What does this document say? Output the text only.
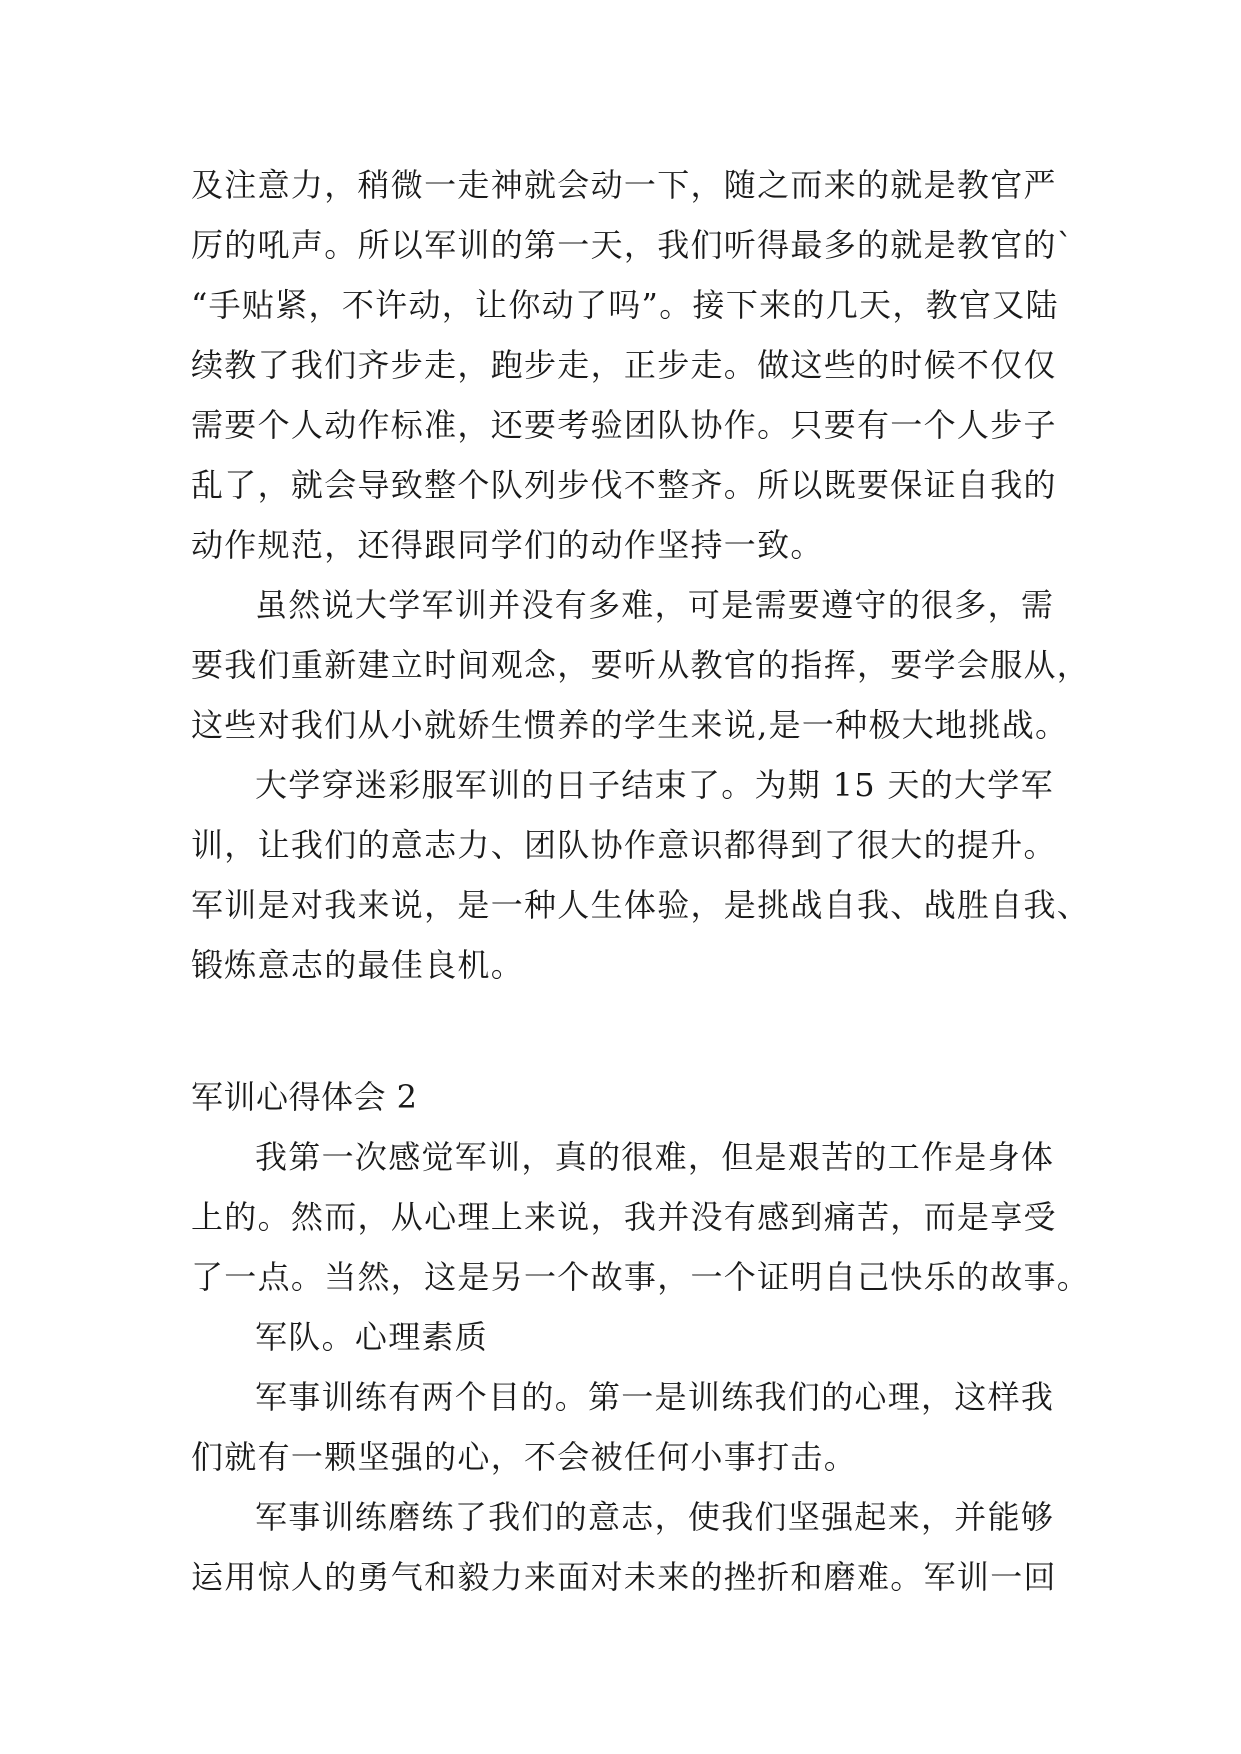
及注意力，稍微一走神就会动一下，随之而来的就是教官严
厉的吼声。所以军训的第一天，我们听得最多的就是教官的`
“手贴紧，不许动，让你动了吗”。接下来的几天，教官又陆
续教了我们齐步走，跑步走，正步走。做这些的时候不仅仅
需要个人动作标准，还要考验团队协作。只要有一个人步子
乱了，就会导致整个队列步伐不整齐。所以既要保证自我的
动作规范，还得跟同学们的动作坚持一致。
虽然说大学军训并没有多难，可是需要遵守的很多，需
要我们重新建立时间观念，要听从教官的指挥，要学会服从，
这些对我们从小就娇生惯养的学生来说,是一种极大地挑战。
大学穿迷彩服军训的日子结束了。为期 15 天的大学军
训，让我们的意志力、团队协作意识都得到了很大的提升。
军训是对我来说，是一种人生体验，是挑战自我、战胜自我、
锻炼意志的最佳良机。
军训心得体会 2
我第一次感觉军训，真的很难，但是艰苦的工作是身体
上的。然而，从心理上来说，我并没有感到痛苦，而是享受
了一点。当然，这是另一个故事，一个证明自己快乐的故事。
军队。心理素质
军事训练有两个目的。第一是训练我们的心理，这样我
们就有一颗坚强的心，不会被任何小事打击。
军事训练磨练了我们的意志，使我们坚强起来，并能够
运用惊人的勇气和毅力来面对未来的挫折和磨难。军训一回
